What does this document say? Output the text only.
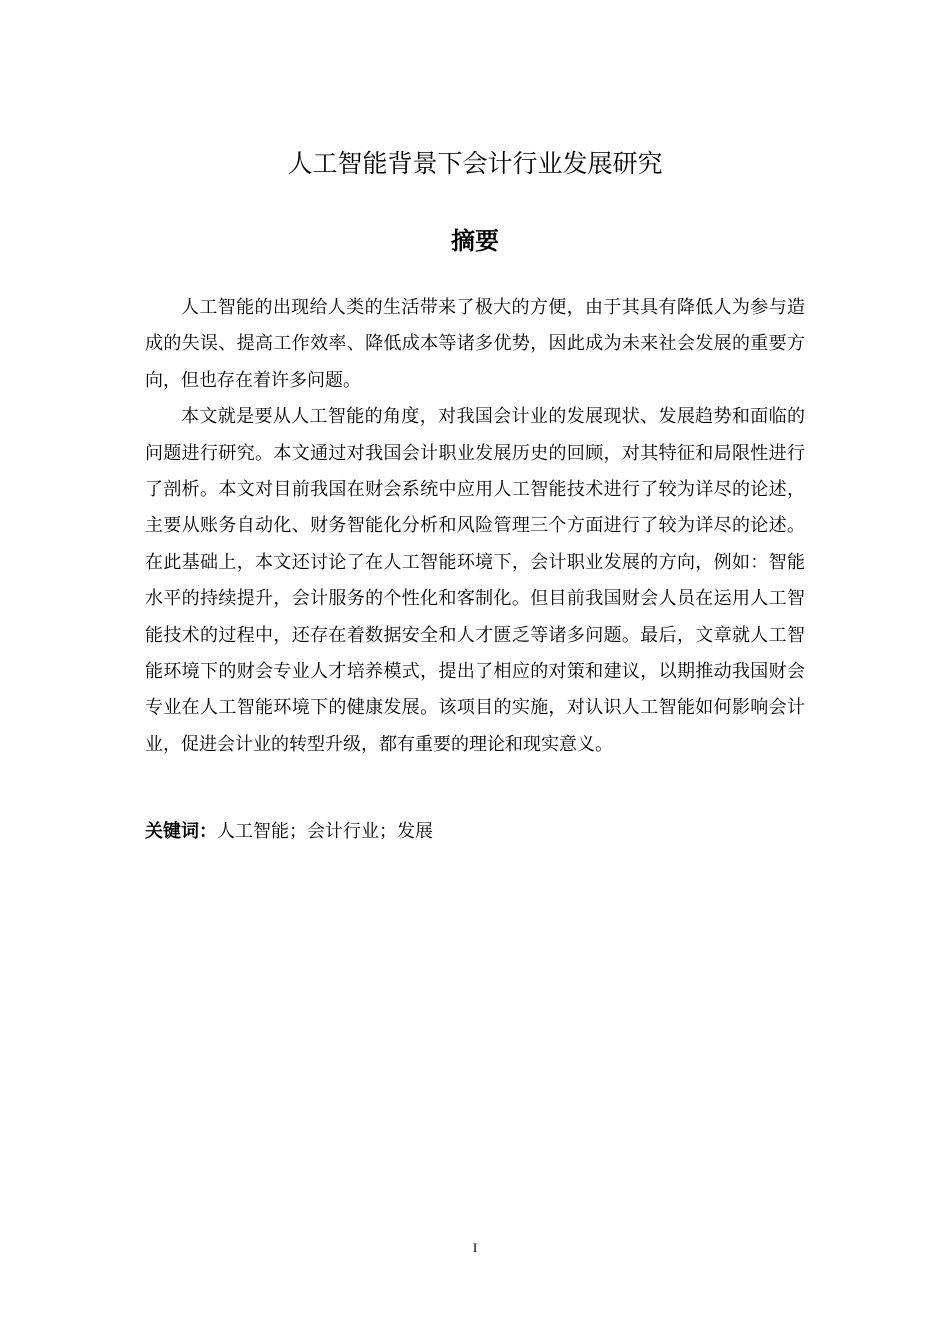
人工智能背景下会计行业发展研究
摘要

人工智能的出现给人类的生活带来了极大的方便，由于其具有降低人为参与造成的失误、提高工作效率、降低成本等诸多优势，因此成为未来社会发展的重要方向，但也存在着许多问题。

本文就是要从人工智能的角度，对我国会计业的发展现状、发展趋势和面临的问题进行研究。本文通过对我国会计职业发展历史的回顾，对其特征和局限性进行了剖析。本文对目前我国在财会系统中应用人工智能技术进行了较为详尽的论述，主要从账务自动化、财务智能化分析和风险管理三个方面进行了较为详尽的论述。在此基础上，本文还讨论了在人工智能环境下，会计职业发展的方向，例如：智能水平的持续提升，会计服务的个性化和客制化。但目前我国财会人员在运用人工智能技术的过程中，还存在着数据安全和人才匮乏等诸多问题。最后，文章就人工智能环境下的财会专业人才培养模式，提出了相应的对策和建议，以期推动我国财会专业在人工智能环境下的健康发展。该项目的实施，对认识人工智能如何影响会计业，促进会计业的转型升级，都有重要的理论和现实意义。

关键词：人工智能；会计行业；发展

I
